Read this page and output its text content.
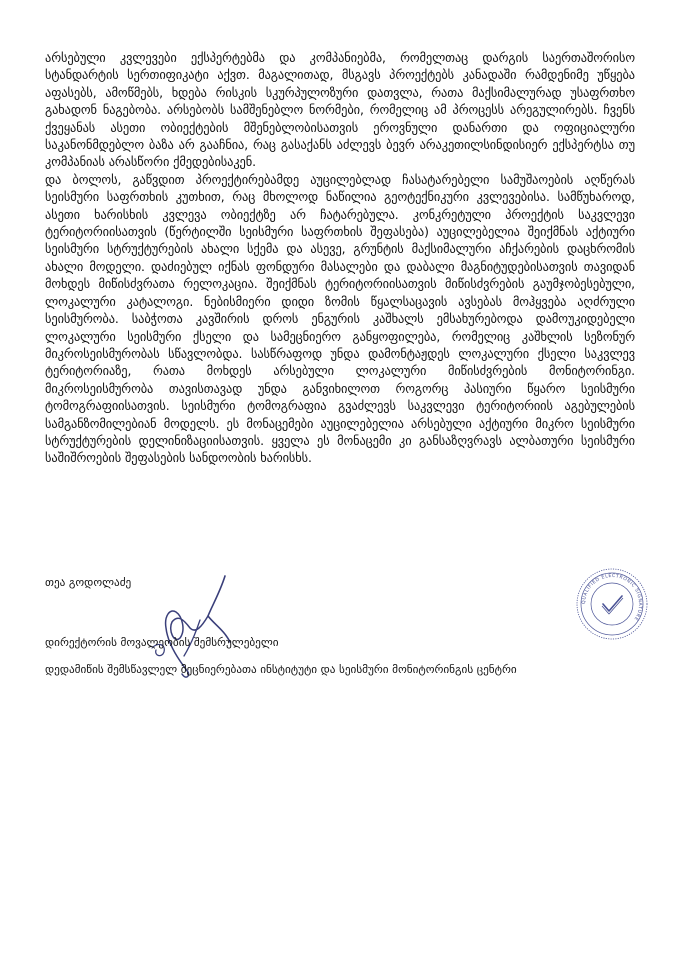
არსებული კვლევები ექსპერტებმა და კომპანიებმა, რომელთაც დარგის საერთაშორისო სტანდარტის სერთიფიკატი აქვთ. მაგალითად, მსგავს პროექტებს კანადაში რამდენიმე უწყება აფასებს, ამოწმებს, ხდება რისკის სკურპულოზური დათვლა, რათა მაქსიმალურად უსაფრთხო გახადონ ნაგებობა. არსებობს სამშენებლო ნორმები, რომელიც ამ პროცესს არეგულირებს. ჩვენს ქვეყანას ასეთი ობიექტების მშენებლობისათვის ეროვნული დანართი და ოფიციალური საკანონმდებლო ბაზა არ გააჩნია, რაც გასაქანს აძლევს ბევრ არაკეთილსინდისიერ ექსპერტსა თუ კომპანიას არასწორი ქმედებისაკენ.

და ბოლოს, გაწვდით პროექტირებამდე აუცილებლად ჩასატარებელი სამუშაოების აღწერას სეისმური საფრთხის კუთხით, რაც მხოლოდ ნაწილია გეოტექნიკური კვლევებისა. სამწუხაროდ, ასეთი ხარისხის კვლევა ობიექტზე არ ჩატარებულა. კონკრეტული პროექტის საკვლევი ტერიტორიისათვის (წერტილში სეისმური საფრთხის შეფასება) აუცილებელია შეიქმნას აქტიური სეისმური სტრუქტურების ახალი სქემა და ასევე, გრუნტის მაქსიმალური აჩქარების დაცხრომის ახალი მოდელი. დაძიებულ იქნას ფონდური მასალები და დაბალი მაგნიტუდებისათვის თავიდან მოხდეს მიწისძვრათა რელოკაცია. შეიქმნას ტერიტორიისათვის მიწისძვრების გაუმჯობესებული, ლოკალური კატალოგი. ნებისმიერი დიდი ზომის წყალსაცავის ავსებას მოჰყვება აღძრული სეისმურობა. საბჭოთა კავშირის დროს ენგურის კაშხალს ემსახურებოდა დამოუკიდებელი ლოკალური სეისმური ქსელი და სამეცნიერო განყოფილება, რომელიც კაშხლის სეზონურ მიკროსეისმურობას სწავლობდა. სასწრაფოდ უნდა დამონტაჟდეს ლოკალური ქსელი საკვლევ ტერიტორიაზე, რათა მოხდეს არსებული ლოკალური მიწისძვრების მონიტორინგი. მიკროსეისმურობა თავისთავად უნდა განვიხილოთ როგორც პასიური წყარო სეისმური ტომოგრაფიისათვის. სეისმური ტომოგრაფია გვაძლევს საკვლევი ტერიტორიის აგებულების სამგანზომილებიან მოდელს. ეს მონაცემები აუცილებელია არსებული აქტიური მიკრო სეისმური სტრუქტურების დელინიზაციისათვის. ყველა ეს მონაცემი კი განსაზღვრავს ალბათური სეისმური საშიშროების შეფასების სანდოობის ხარისხს.

თეა გოდოლაძე
დირექტორის მოვალეობის შემსრულებელი
დედამიწის შემსწავლელ მეცნიერებათა ინსტიტუტი და სეისმური მონიტორინგის ცენტრი
QUALIFIED ELECTRONIC SIGNATURE
